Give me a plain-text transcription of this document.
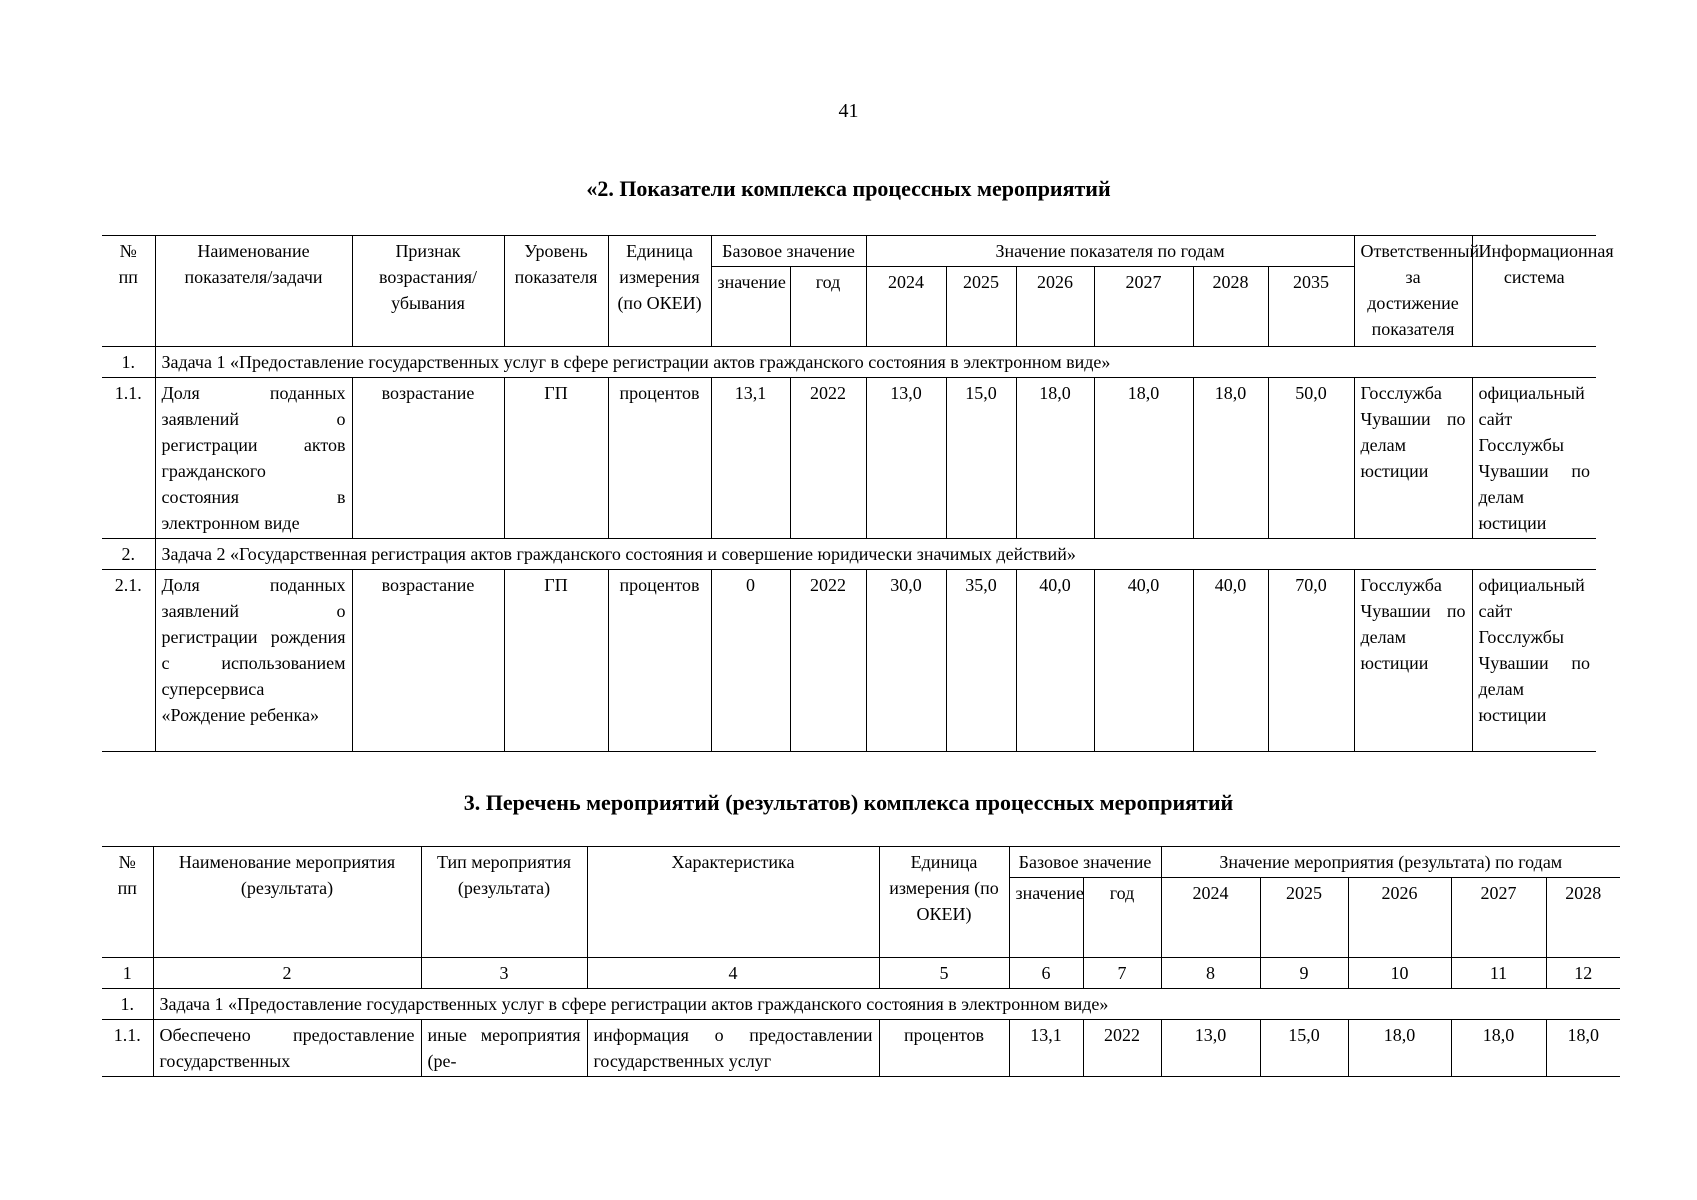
41
«2. Показатели комплекса процессных мероприятий
№ пп	Наименование показателя/задачи	Признак возрастания/ убывания	Уровень показателя	Единица измерения (по ОКЕИ)	Базовое значение		Значение показателя по годам						Ответственный за достижение показателя	Информационная система
					значение	год	2024	2025	2026	2027	2028	2035		
1.	Задача 1 «Предоставление государственных услуг в сфере регистрации актов гражданского состояния в электронном виде»													
1.1.	Доля поданных заявлений о регистрации актов гражданского состояния в электронном виде	возрастание	ГП	процентов	13,1	2022	13,0	15,0	18,0	18,0	18,0	50,0	Госслужба Чувашии по делам юстиции	официальный сайт Госслужбы Чувашии по делам юстиции
2.	Задача 2 «Государственная регистрация актов гражданского состояния и совершение юридически значимых действий»													
2.1.	Доля поданных заявлений о регистрации рождения с использованием суперсервиса «Рождение ребенка»	возрастание	ГП	процентов	0	2022	30,0	35,0	40,0	40,0	40,0	70,0	Госслужба Чувашии по делам юстиции	официальный сайт Госслужбы Чувашии по делам юстиции
3. Перечень мероприятий (результатов) комплекса процессных мероприятий
№ пп	Наименование мероприятия (результата)	Тип мероприятия (результата)	Характеристика	Единица измерения (по ОКЕИ)	Базовое значение		Значение мероприятия (результата) по годам				
					значение	год	2024	2025	2026	2027	2028
1	2	3	4	5	6	7	8	9	10	11	12
1.	Задача 1 «Предоставление государственных услуг в сфере регистрации актов гражданского состояния в электронном виде»										
1.1.	Обеспечено предоставление государственных	иные мероприятия (ре-	информация о предоставлении государственных услуг	процентов	13,1	2022	13,0	15,0	18,0	18,0	18,0
